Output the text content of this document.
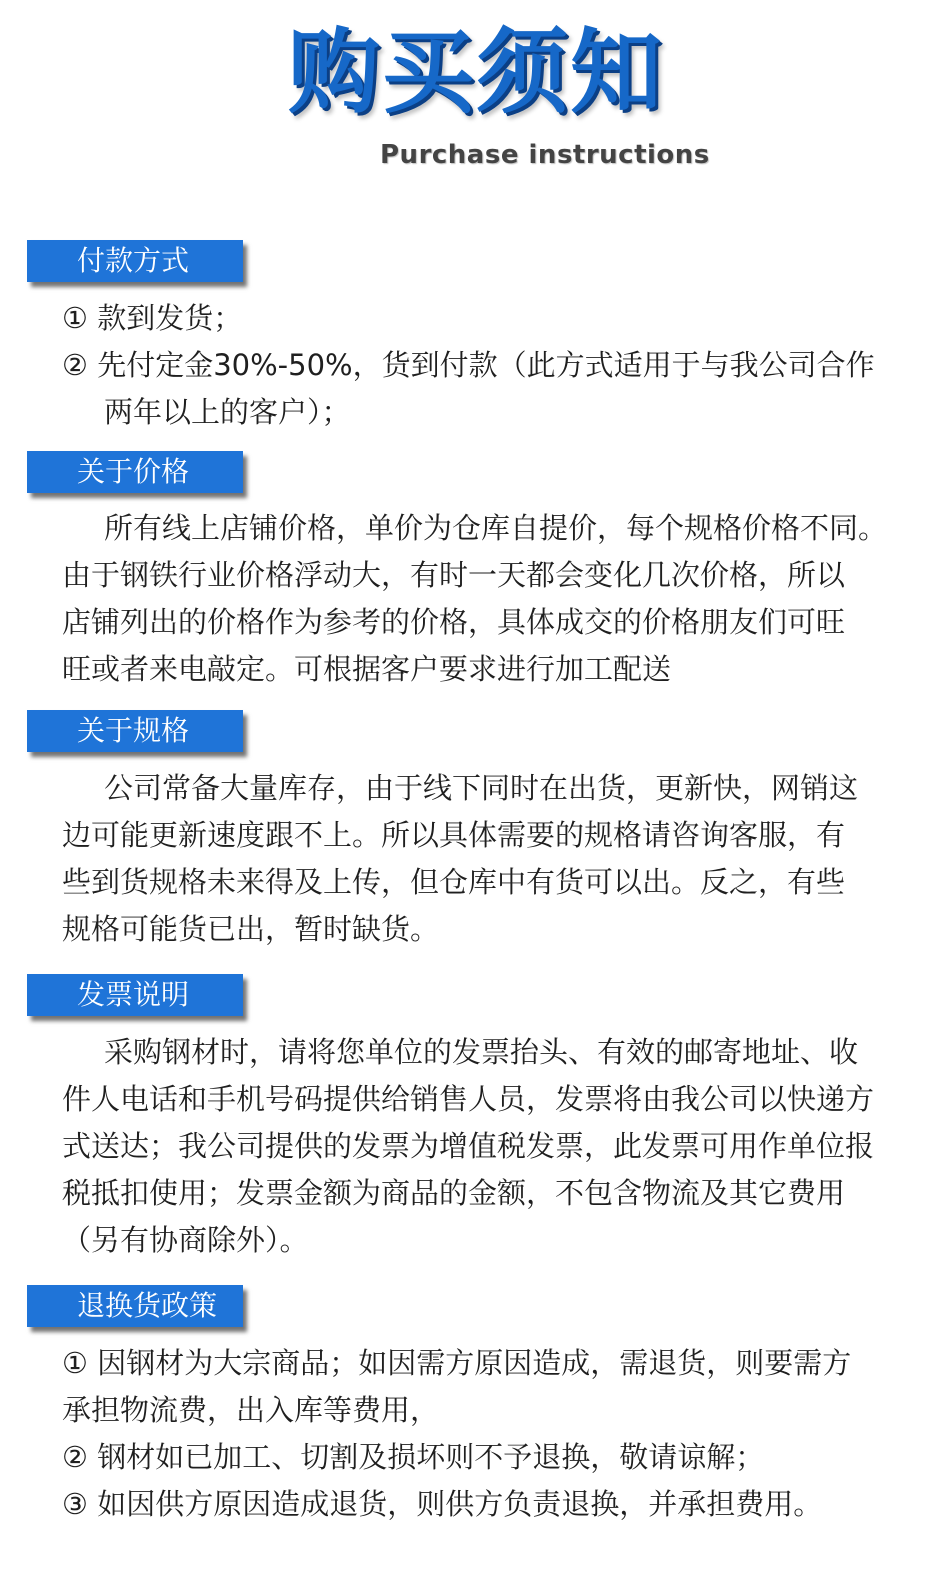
购买须知
Purchase instructions
付款方式
① 款到发货；
② 先付定金30%-50%，货到付款（此方式适用于与我公司合作
两年以上的客户）；
关于价格
所有线上店铺价格，单价为仓库自提价，每个规格价格不同。
由于钢铁行业价格浮动大，有时一天都会变化几次价格，所以
店铺列出的价格作为参考的价格，具体成交的价格朋友们可旺
旺或者来电敲定。可根据客户要求进行加工配送
关于规格
公司常备大量库存，由于线下同时在出货，更新快，网销这
边可能更新速度跟不上。所以具体需要的规格请咨询客服，有
些到货规格未来得及上传，但仓库中有货可以出。反之，有些
规格可能货已出，暂时缺货。
发票说明
采购钢材时，请将您单位的发票抬头、有效的邮寄地址、收
件人电话和手机号码提供给销售人员，发票将由我公司以快递方
式送达；我公司提供的发票为增值税发票，此发票可用作单位报
税抵扣使用；发票金额为商品的金额，不包含物流及其它费用
（另有协商除外）。
退换货政策
① 因钢材为大宗商品；如因需方原因造成，需退货，则要需方
承担物流费，出入库等费用，
② 钢材如已加工、切割及损坏则不予退换，敬请谅解；
③ 如因供方原因造成退货，则供方负责退换，并承担费用。
